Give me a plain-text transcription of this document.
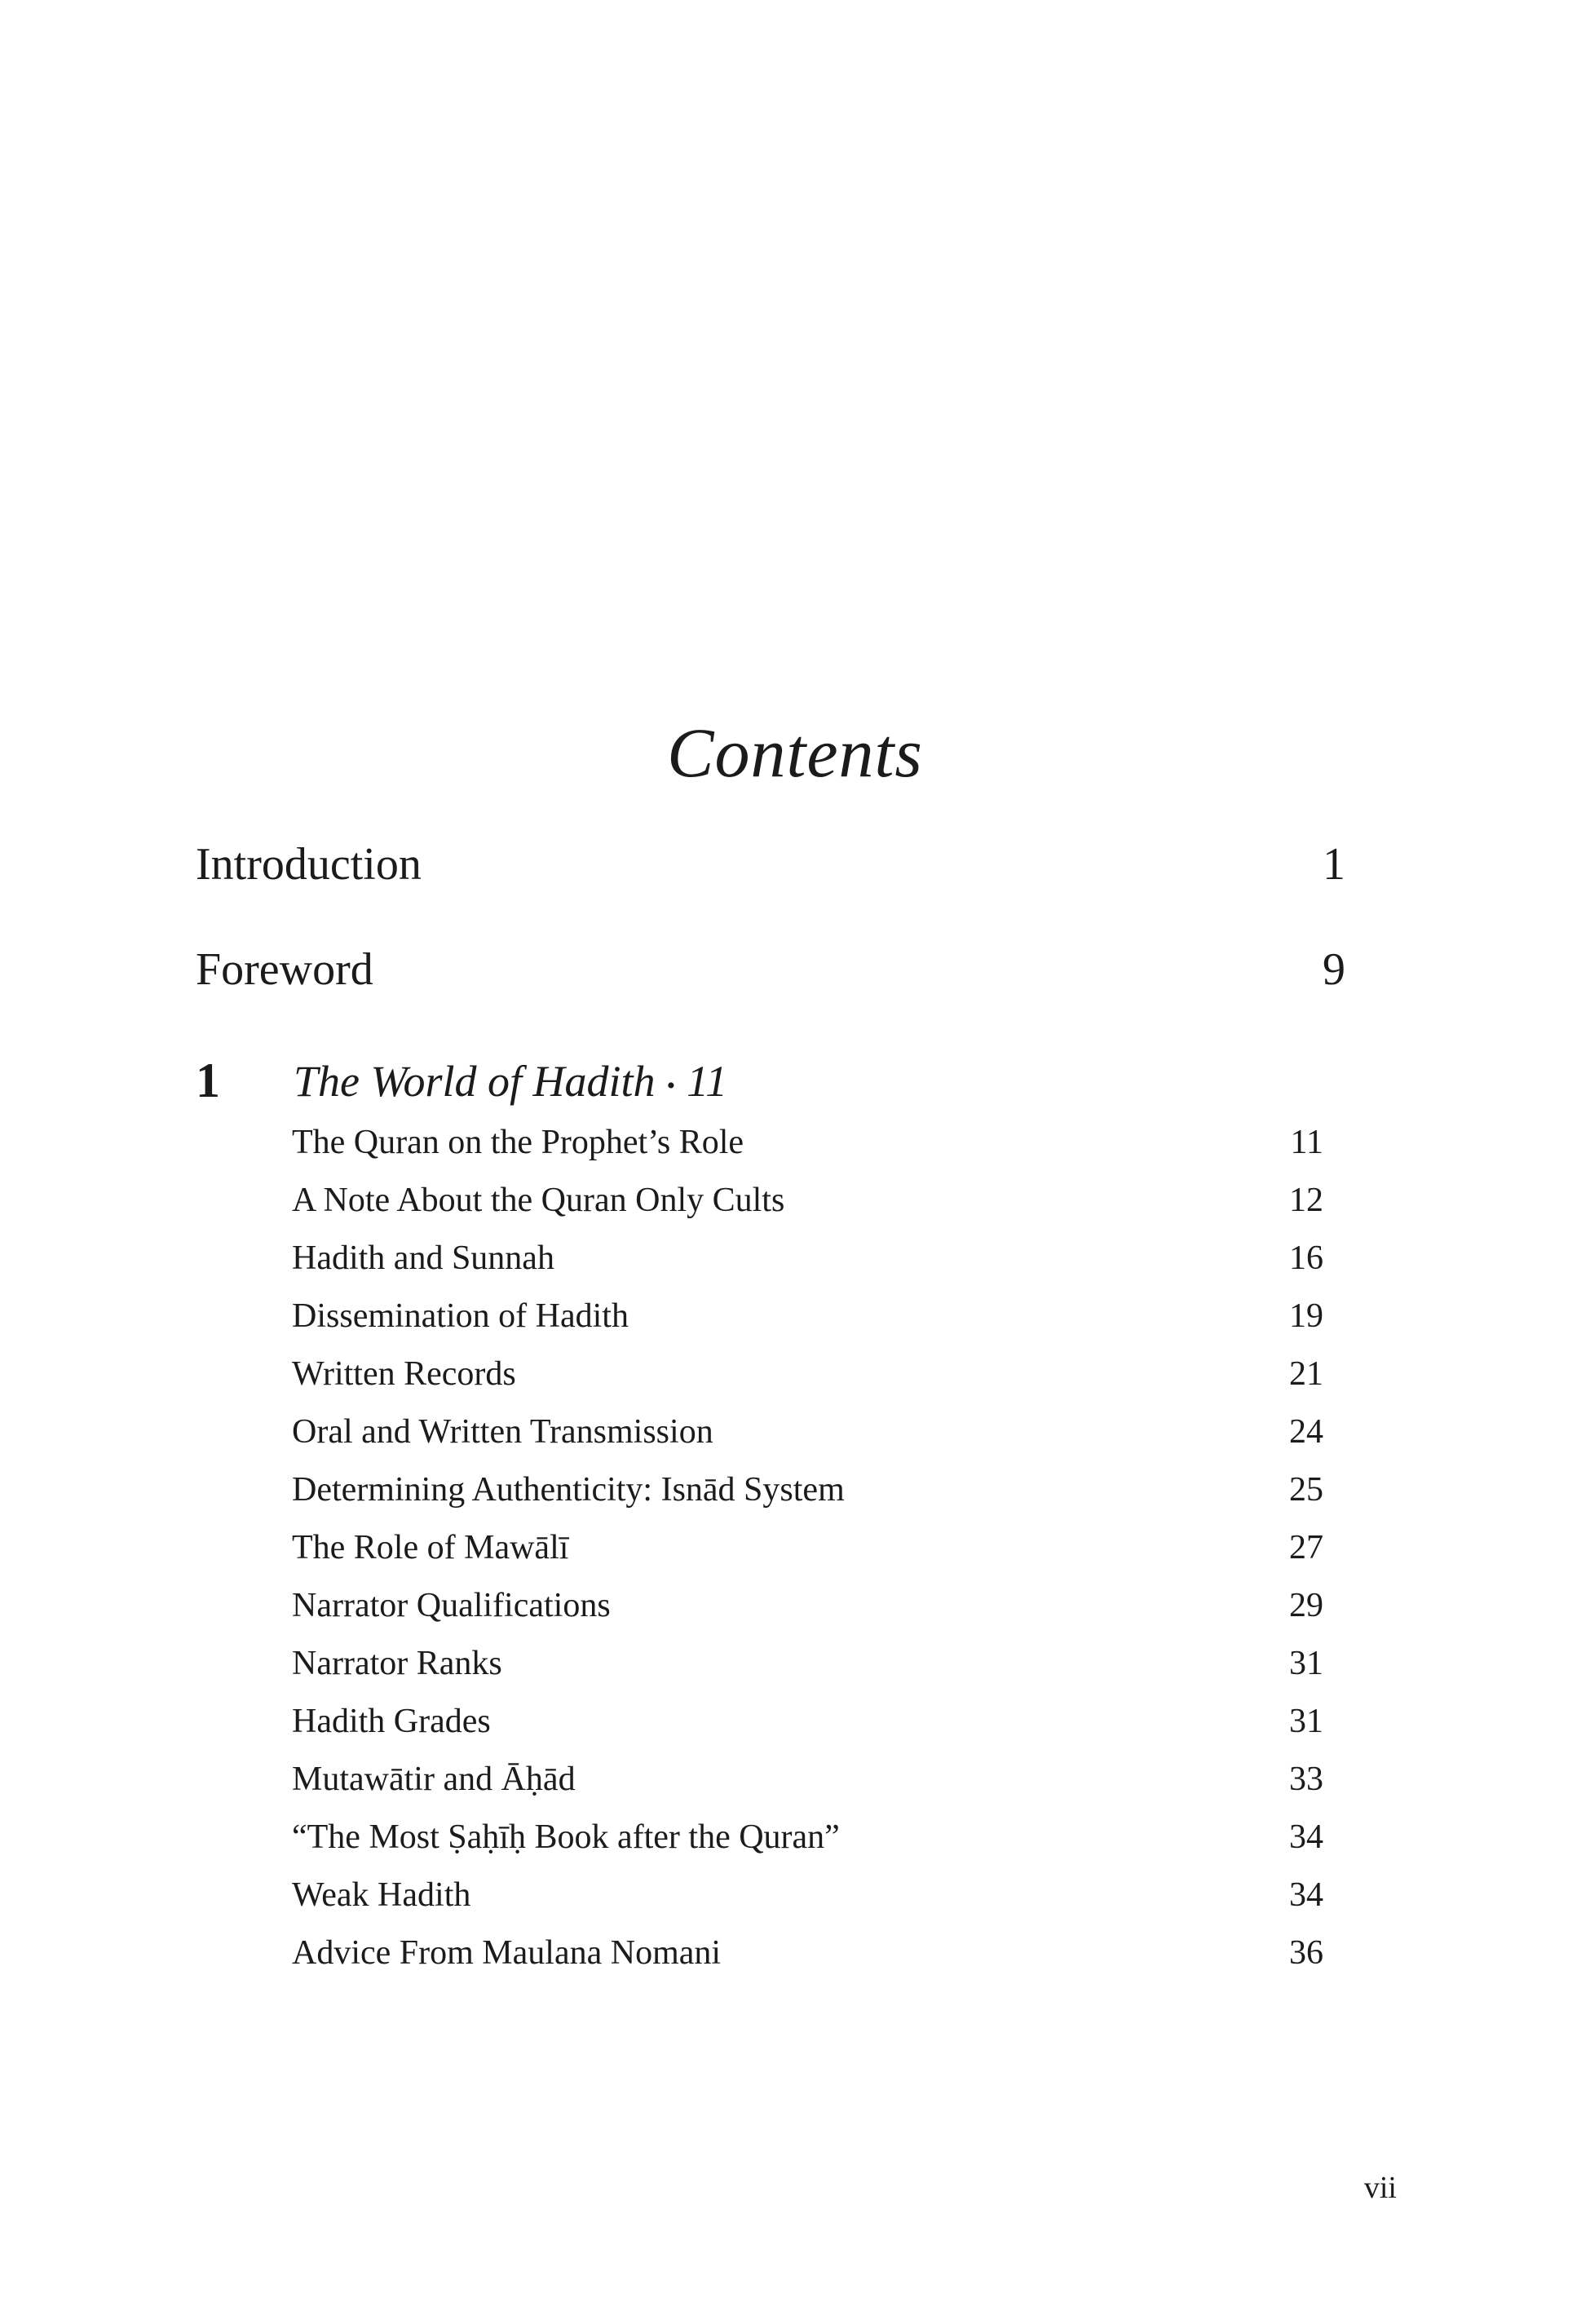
Contents
Introduction	1
Foreword	9
1 The World of Hadith • 11
The Quran on the Prophet’s Role	11
A Note About the Quran Only Cults	12
Hadith and Sunnah	16
Dissemination of Hadith	19
Written Records	21
Oral and Written Transmission	24
Determining Authenticity: Isnād System	25
The Role of Mawālī	27
Narrator Qualifications	29
Narrator Ranks	31
Hadith Grades	31
Mutawātir and Āḥād	33
“The Most Ṣaḥīḥ Book after the Quran”	34
Weak Hadith	34
Advice From Maulana Nomani	36
vii
